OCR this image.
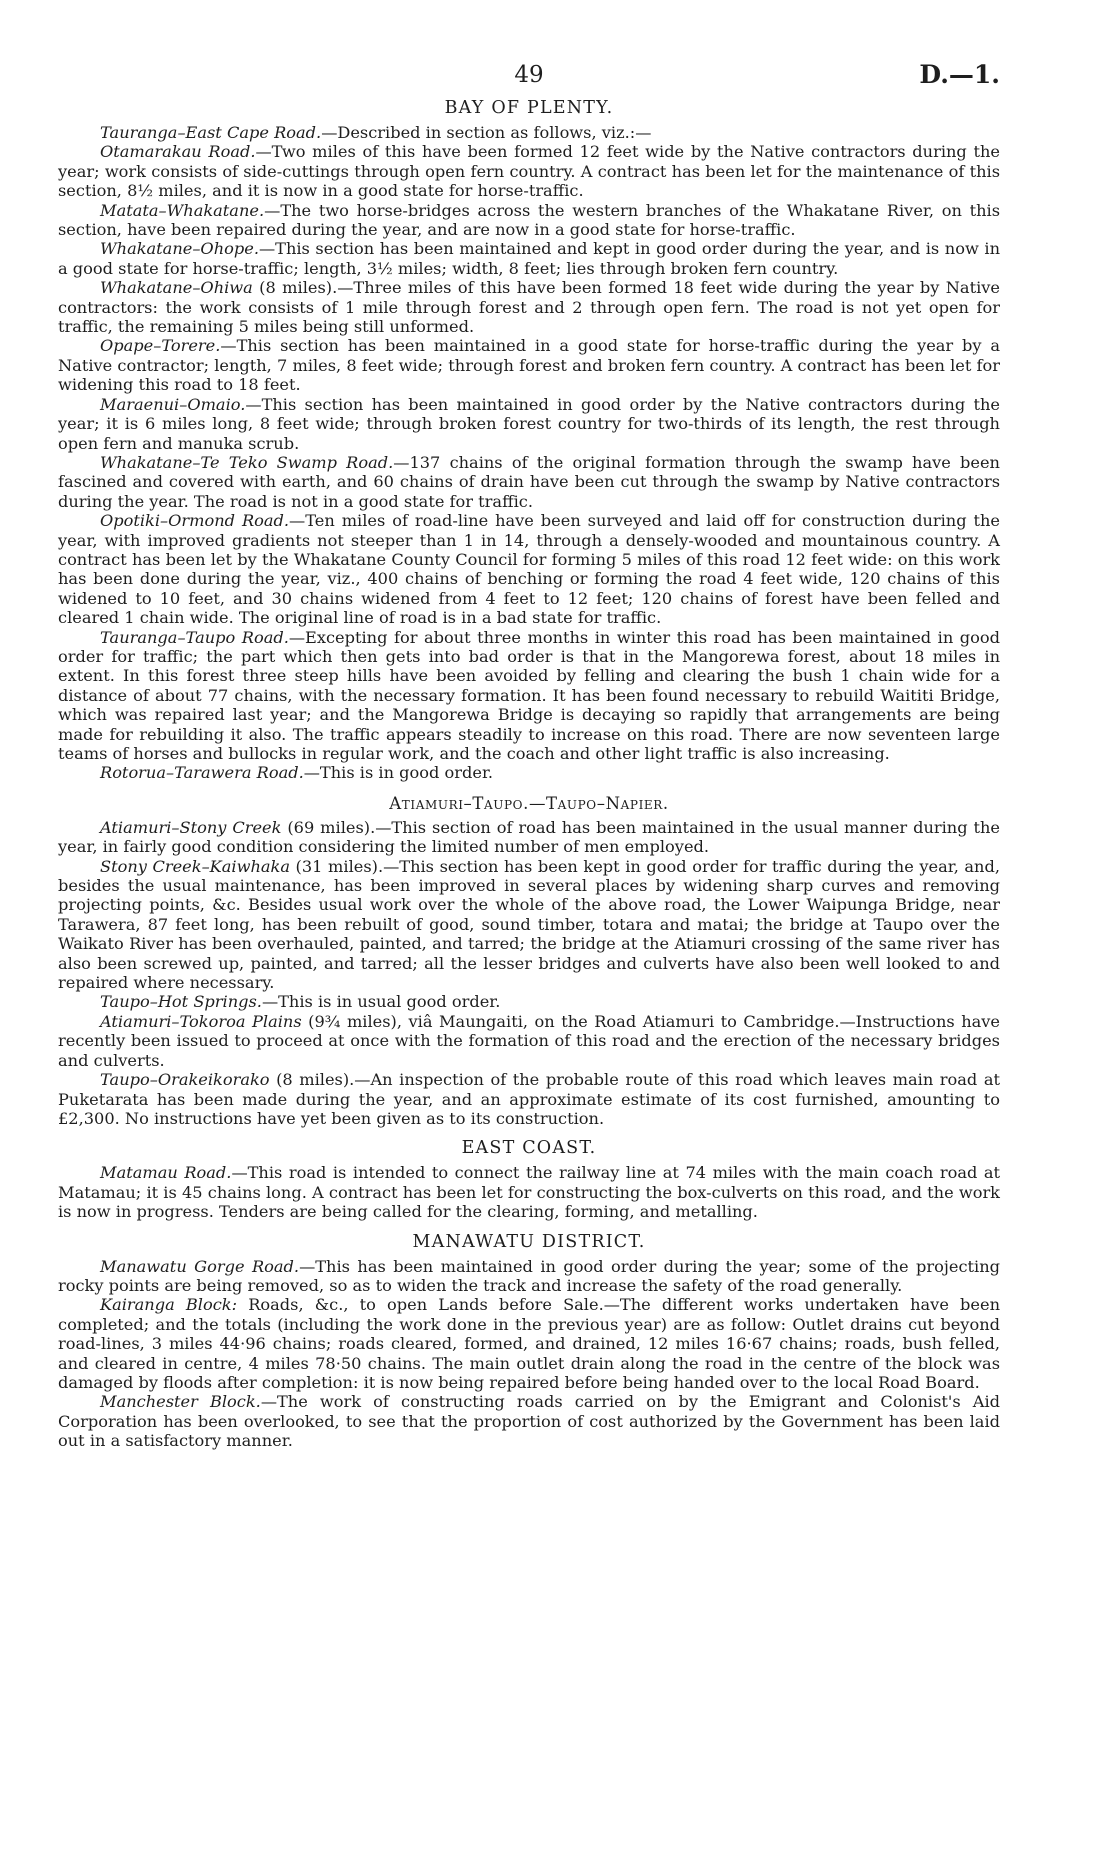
49	D.—1.
BAY OF PLENTY.

Tauranga–East Cape Road.—Described in section as follows, viz.:—

Otamarakau Road.—Two miles of this have been formed 12 feet wide by the Native contractors during the year; work consists of side-cuttings through open fern country. A contract has been let for the maintenance of this section, 8½ miles, and it is now in a good state for horse-traffic.

Matata–Whakatane.—The two horse-bridges across the western branches of the Whakatane River, on this section, have been repaired during the year, and are now in a good state for horse-traffic.

Whakatane–Ohope.—This section has been maintained and kept in good order during the year, and is now in a good state for horse-traffic; length, 3½ miles; width, 8 feet; lies through broken fern country.

Whakatane–Ohiwa (8 miles).—Three miles of this have been formed 18 feet wide during the year by Native contractors: the work consists of 1 mile through forest and 2 through open fern. The road is not yet open for traffic, the remaining 5 miles being still unformed.

Opape–Torere.—This section has been maintained in a good state for horse-traffic during the year by a Native contractor; length, 7 miles, 8 feet wide; through forest and broken fern country. A contract has been let for widening this road to 18 feet.

Maraenui–Omaio.—This section has been maintained in good order by the Native contractors during the year; it is 6 miles long, 8 feet wide; through broken forest country for two-thirds of its length, the rest through open fern and manuka scrub.

Whakatane–Te Teko Swamp Road.—137 chains of the original formation through the swamp have been fascined and covered with earth, and 60 chains of drain have been cut through the swamp by Native contractors during the year. The road is not in a good state for traffic.

Opotiki–Ormond Road.—Ten miles of road-line have been surveyed and laid off for construction during the year, with improved gradients not steeper than 1 in 14, through a densely-wooded and mountainous country. A contract has been let by the Whakatane County Council for forming 5 miles of this road 12 feet wide: on this work has been done during the year, viz., 400 chains of benching or forming the road 4 feet wide, 120 chains of this widened to 10 feet, and 30 chains widened from 4 feet to 12 feet; 120 chains of forest have been felled and cleared 1 chain wide. The original line of road is in a bad state for traffic.

Tauranga–Taupo Road.—Excepting for about three months in winter this road has been maintained in good order for traffic; the part which then gets into bad order is that in the Mangorewa forest, about 18 miles in extent. In this forest three steep hills have been avoided by felling and clearing the bush 1 chain wide for a distance of about 77 chains, with the necessary formation. It has been found necessary to rebuild Waititi Bridge, which was repaired last year; and the Mangorewa Bridge is decaying so rapidly that arrangements are being made for rebuilding it also. The traffic appears steadily to increase on this road. There are now seventeen large teams of horses and bullocks in regular work, and the coach and other light traffic is also increasing.

Rotorua–Tarawera Road.—This is in good order.

Atiamuri–Taupo.—Taupo–Napier.

Atiamuri–Stony Creek (69 miles).—This section of road has been maintained in the usual manner during the year, in fairly good condition considering the limited number of men employed.

Stony Creek–Kaiwhaka (31 miles).—This section has been kept in good order for traffic during the year, and, besides the usual maintenance, has been improved in several places by widening sharp curves and removing projecting points, &c. Besides usual work over the whole of the above road, the Lower Waipunga Bridge, near Tarawera, 87 feet long, has been rebuilt of good, sound timber, totara and matai; the bridge at Taupo over the Waikato River has been overhauled, painted, and tarred; the bridge at the Atiamuri crossing of the same river has also been screwed up, painted, and tarred; all the lesser bridges and culverts have also been well looked to and repaired where necessary.

Taupo–Hot Springs.—This is in usual good order.

Atiamuri–Tokoroa Plains (9¾ miles), viâ Maungaiti, on the Road Atiamuri to Cambridge.—Instructions have recently been issued to proceed at once with the formation of this road and the erection of the necessary bridges and culverts.

Taupo–Orakeikorako (8 miles).—An inspection of the probable route of this road which leaves main road at Puketarata has been made during the year, and an approximate estimate of its cost furnished, amounting to £2,300. No instructions have yet been given as to its construction.

EAST COAST.

Matamau Road.—This road is intended to connect the railway line at 74 miles with the main coach road at Matamau; it is 45 chains long. A contract has been let for constructing the box-culverts on this road, and the work is now in progress. Tenders are being called for the clearing, forming, and metalling.

MANAWATU DISTRICT.

Manawatu Gorge Road.—This has been maintained in good order during the year; some of the projecting rocky points are being removed, so as to widen the track and increase the safety of the road generally.

Kairanga Block: Roads, &c., to open Lands before Sale.—The different works undertaken have been completed; and the totals (including the work done in the previous year) are as follow: Outlet drains cut beyond road-lines, 3 miles 44·96 chains; roads cleared, formed, and drained, 12 miles 16·67 chains; roads, bush felled, and cleared in centre, 4 miles 78·50 chains. The main outlet drain along the road in the centre of the block was damaged by floods after completion: it is now being repaired before being handed over to the local Road Board.

Manchester Block.—The work of constructing roads carried on by the Emigrant and Colonist's Aid Corporation has been overlooked, to see that the proportion of cost authorized by the Government has been laid out in a satisfactory manner.
